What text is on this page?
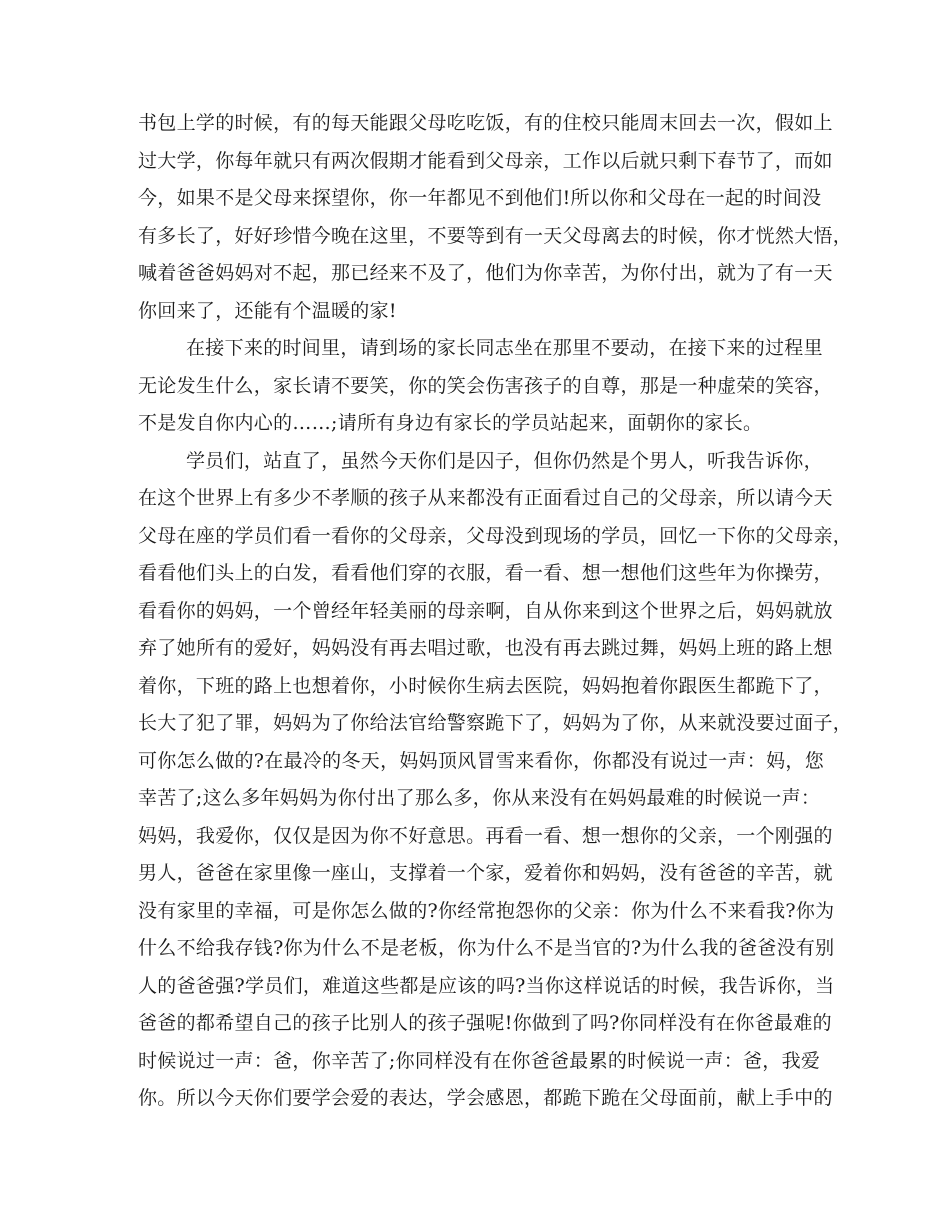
书包上学的时候，有的每天能跟父母吃吃饭，有的住校只能周末回去一次，假如上
过大学，你每年就只有两次假期才能看到父母亲，工作以后就只剩下春节了，而如
今，如果不是父母来探望你，你一年都见不到他们!所以你和父母在一起的时间没
有多长了，好好珍惜今晚在这里，不要等到有一天父母离去的时候，你才恍然大悟，
喊着爸爸妈妈对不起，那已经来不及了，他们为你幸苦，为你付出，就为了有一天
你回来了，还能有个温暖的家!
在接下来的时间里，请到场的家长同志坐在那里不要动，在接下来的过程里
无论发生什么，家长请不要笑，你的笑会伤害孩子的自尊，那是一种虚荣的笑容，
不是发自你内心的……;请所有身边有家长的学员站起来，面朝你的家长。
学员们，站直了，虽然今天你们是囚子，但你仍然是个男人，听我告诉你，
在这个世界上有多少不孝顺的孩子从来都没有正面看过自己的父母亲，所以请今天
父母在座的学员们看一看你的父母亲，父母没到现场的学员，回忆一下你的父母亲，
看看他们头上的白发，看看他们穿的衣服，看一看、想一想他们这些年为你操劳，
看看你的妈妈，一个曾经年轻美丽的母亲啊，自从你来到这个世界之后，妈妈就放
弃了她所有的爱好，妈妈没有再去唱过歌，也没有再去跳过舞，妈妈上班的路上想
着你，下班的路上也想着你，小时候你生病去医院，妈妈抱着你跟医生都跪下了，
长大了犯了罪，妈妈为了你给法官给警察跪下了，妈妈为了你，从来就没要过面子，
可你怎么做的?在最冷的冬天，妈妈顶风冒雪来看你，你都没有说过一声：妈，您
幸苦了;这么多年妈妈为你付出了那么多，你从来没有在妈妈最难的时候说一声：
妈妈，我爱你，仅仅是因为你不好意思。再看一看、想一想你的父亲，一个刚强的
男人，爸爸在家里像一座山，支撑着一个家，爱着你和妈妈，没有爸爸的辛苦，就
没有家里的幸福，可是你怎么做的?你经常抱怨你的父亲：你为什么不来看我?你为
什么不给我存钱?你为什么不是老板，你为什么不是当官的?为什么我的爸爸没有别
人的爸爸强?学员们，难道这些都是应该的吗?当你这样说话的时候，我告诉你，当
爸爸的都希望自己的孩子比别人的孩子强呢!你做到了吗?你同样没有在你爸最难的
时候说过一声：爸，你辛苦了;你同样没有在你爸爸最累的时候说一声：爸，我爱
你。所以今天你们要学会爱的表达，学会感恩，都跪下跪在父母面前，献上手中的
